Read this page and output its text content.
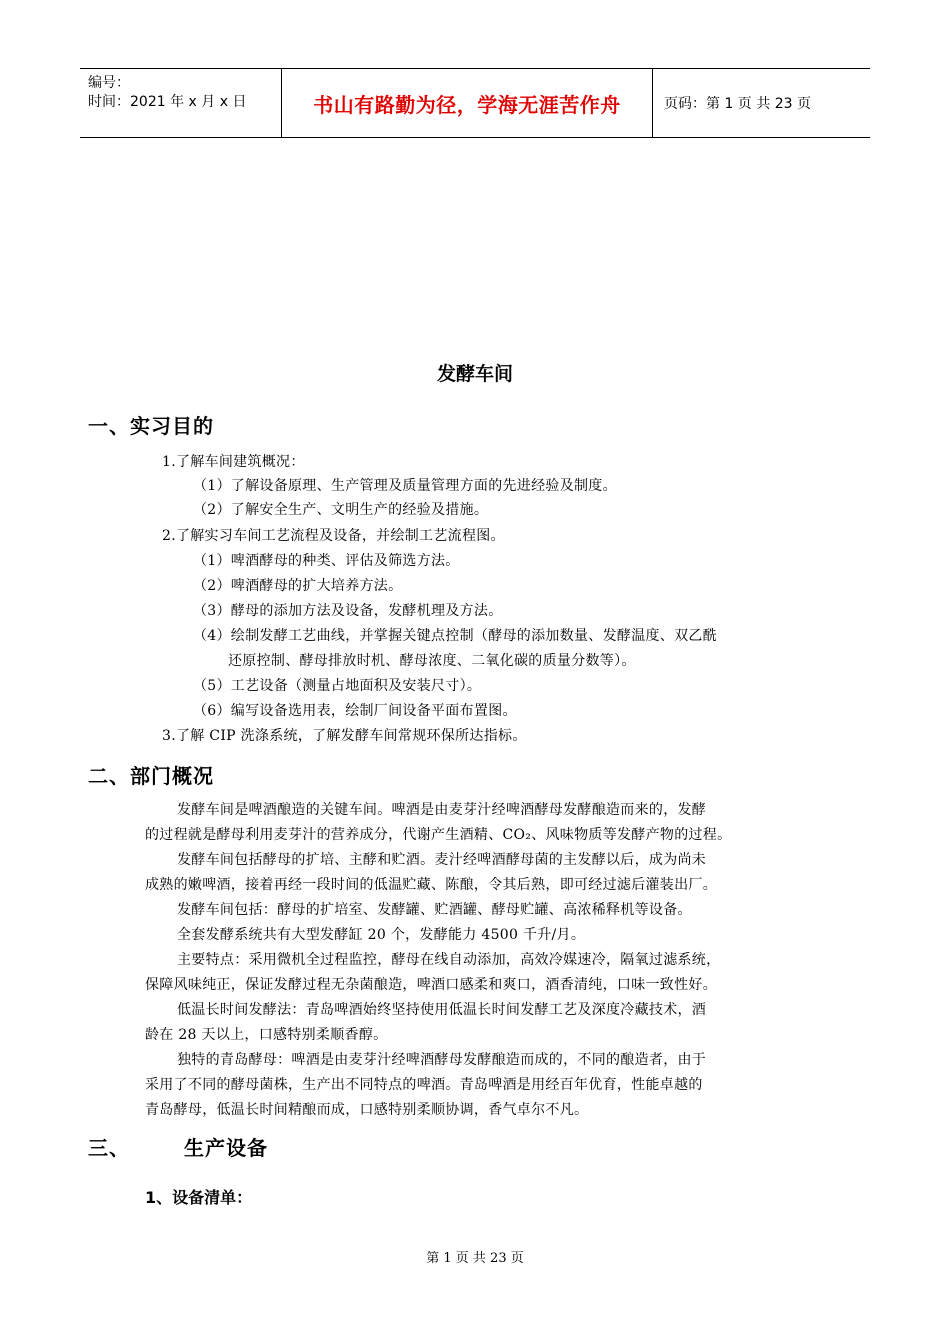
编号：
时间：2021 年 x 月 x 日	书山有路勤为径，学海无涯苦作舟	页码：第 1 页 共 23 页
发酵车间
一、实习目的
1.了解车间建筑概况：
（1）了解设备原理、生产管理及质量管理方面的先进经验及制度。
（2）了解安全生产、文明生产的经验及措施。
2.了解实习车间工艺流程及设备，并绘制工艺流程图。
（1）啤酒酵母的种类、评估及筛选方法。
（2）啤酒酵母的扩大培养方法。
（3）酵母的添加方法及设备，发酵机理及方法。
（4）绘制发酵工艺曲线，并掌握关键点控制（酵母的添加数量、发酵温度、双乙酰
还原控制、酵母排放时机、酵母浓度、二氧化碳的质量分数等）。
（5）工艺设备（测量占地面积及安装尺寸）。
（6）编写设备选用表，绘制厂间设备平面布置图。
3.了解 CIP 洗涤系统，了解发酵车间常规环保所达指标。
二、部门概况
发酵车间是啤酒酿造的关键车间。啤酒是由麦芽汁经啤酒酵母发酵酿造而来的，发酵
的过程就是酵母利用麦芽汁的营养成分，代谢产生酒精、CO₂、风味物质等发酵产物的过程。
发酵车间包括酵母的扩培、主酵和贮酒。麦汁经啤酒酵母菌的主发酵以后，成为尚未
成熟的嫩啤酒，接着再经一段时间的低温贮藏、陈酿，令其后熟，即可经过滤后灌装出厂。
发酵车间包括：酵母的扩培室、发酵罐、贮酒罐、酵母贮罐、高浓稀释机等设备。
全套发酵系统共有大型发酵缸 20 个，发酵能力 4500 千升/月。
主要特点：采用微机全过程监控，酵母在线自动添加，高效冷媒速冷，隔氧过滤系统，
保障风味纯正，保证发酵过程无杂菌酿造，啤酒口感柔和爽口，酒香清纯，口味一致性好。
低温长时间发酵法：青岛啤酒始终坚持使用低温长时间发酵工艺及深度冷藏技术，酒
龄在 28 天以上，口感特别柔顺香醇。
独特的青岛酵母：啤酒是由麦芽汁经啤酒酵母发酵酿造而成的，不同的酿造者，由于
采用了不同的酵母菌株，生产出不同特点的啤酒。青岛啤酒是用经百年优育，性能卓越的
青岛酵母，低温长时间精酿而成，口感特别柔顺协调，香气卓尔不凡。
三、	生产设备
1、设备清单：
第 1 页 共 23 页
